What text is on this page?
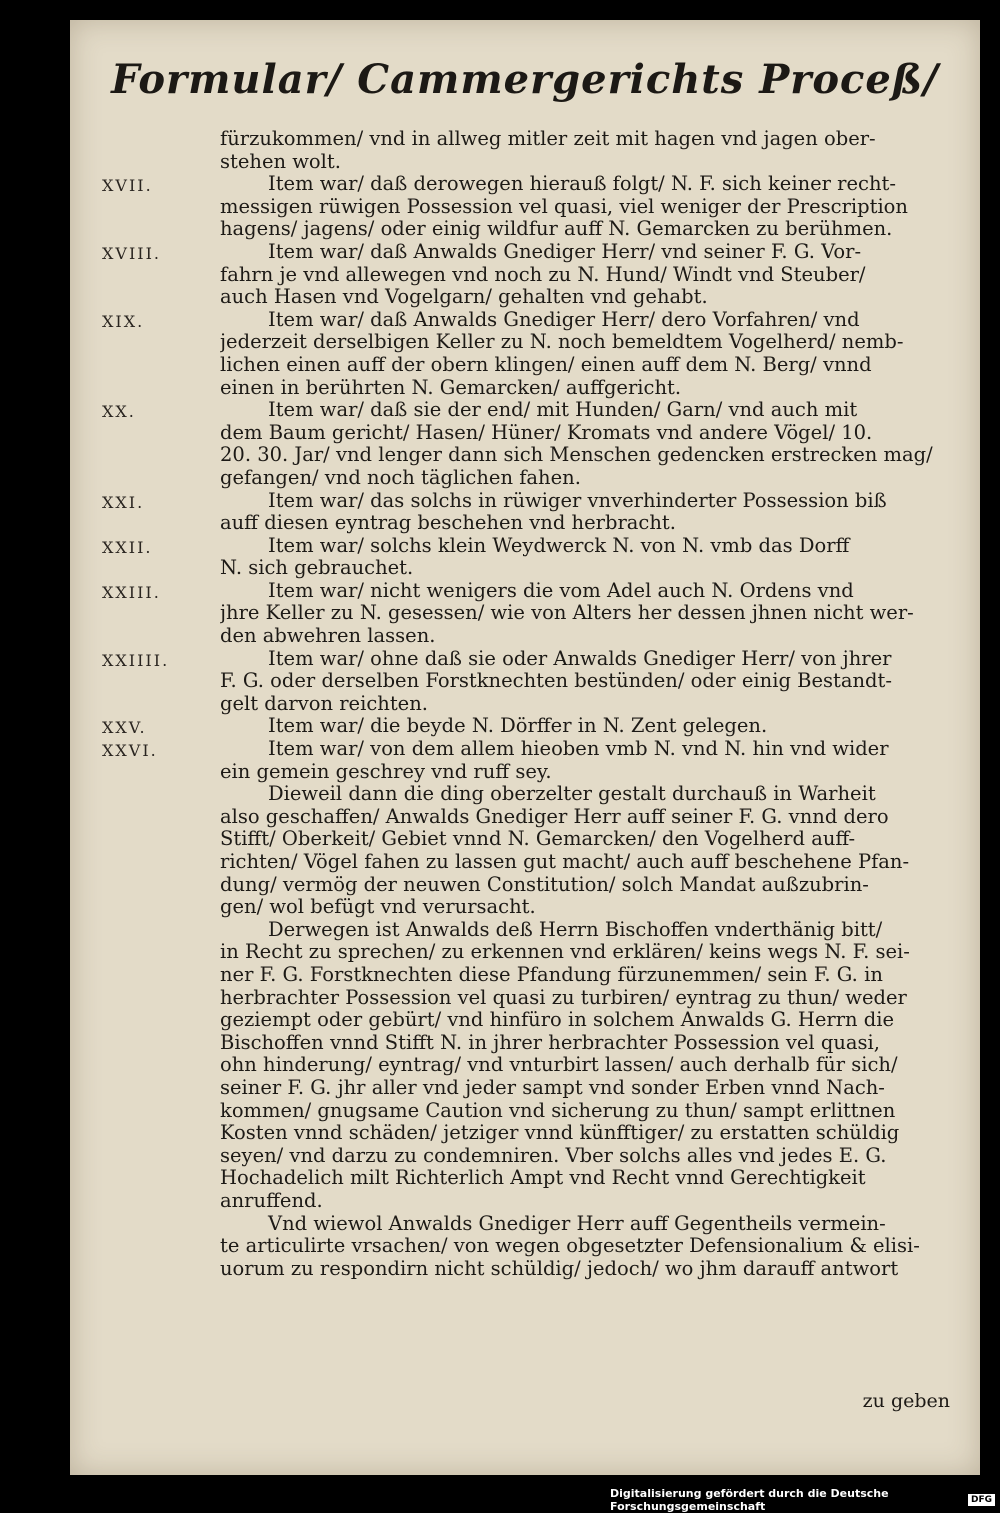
Formular/ Cammergerichts Proceß/
fürzukommen/ vnd in allweg mitler zeit mit hagen vnd jagen ober-
stehen wolt.
XVII.	Item war/ daß derowegen hierauß folgt/ N. F. sich keiner recht-
messigen rüwigen Possession vel quasi, viel weniger der Prescription
hagens/ jagens/ oder einig wildfur auff N. Gemarcken zu berühmen.
XVIII.	Item war/ daß Anwalds Gnediger Herr/ vnd seiner F. G. Vor-
fahrn je vnd allewegen vnd noch zu N. Hund/ Windt vnd Steuber/
auch Hasen vnd Vogelgarn/ gehalten vnd gehabt.
XIX.	Item war/ daß Anwalds Gnediger Herr/ dero Vorfahren/ vnd
jederzeit derselbigen Keller zu N. noch bemeldtem Vogelherd/ nemb-
lichen einen auff der obern klingen/ einen auff dem N. Berg/ vnnd
einen in berührten N. Gemarcken/ auffgericht.
XX.	Item war/ daß sie der end/ mit Hunden/ Garn/ vnd auch mit
dem Baum gericht/ Hasen/ Hüner/ Kromats vnd andere Vögel/ 10.
20. 30. Jar/ vnd lenger dann sich Menschen gedencken erstrecken mag/
gefangen/ vnd noch täglichen fahen.
XXI.	Item war/ das solchs in rüwiger vnverhinderter Possession biß
auff diesen eyntrag beschehen vnd herbracht.
XXII.	Item war/ solchs klein Weydwerck N. von N. vmb das Dorff
N. sich gebrauchet.
XXIII.	Item war/ nicht wenigers die vom Adel auch N. Ordens vnd
jhre Keller zu N. gesessen/ wie von Alters her dessen jhnen nicht wer-
den abwehren lassen.
XXIIII.	Item war/ ohne daß sie oder Anwalds Gnediger Herr/ von jhrer
F. G. oder derselben Forstknechten bestünden/ oder einig Bestandt-
gelt darvon reichten.
XXV.	Item war/ die beyde N. Dörffer in N. Zent gelegen.
XXVI.	Item war/ von dem allem hieoben vmb N. vnd N. hin vnd wider
ein gemein geschrey vnd ruff sey.
Dieweil dann die ding oberzelter gestalt durchauß in Warheit
also geschaffen/ Anwalds Gnediger Herr auff seiner F. G. vnnd dero
Stifft/ Oberkeit/ Gebiet vnnd N. Gemarcken/ den Vogelherd auff-
richten/ Vögel fahen zu lassen gut macht/ auch auff beschehene Pfan-
dung/ vermög der neuwen Constitution/ solch Mandat außzubrin-
gen/ wol befügt vnd verursacht.
Derwegen ist Anwalds deß Herrn Bischoffen vnderthänig bitt/
in Recht zu sprechen/ zu erkennen vnd erklären/ keins wegs N. F. sei-
ner F. G. Forstknechten diese Pfandung fürzunemmen/ sein F. G. in
herbrachter Possession vel quasi zu turbiren/ eyntrag zu thun/ weder
geziempt oder gebürt/ vnd hinfüro in solchem Anwalds G. Herrn die
Bischoffen vnnd Stifft N. in jhrer herbrachter Possession vel quasi,
ohn hinderung/ eyntrag/ vnd vnturbirt lassen/ auch derhalb für sich/
seiner F. G. jhr aller vnd jeder sampt vnd sonder Erben vnnd Nach-
kommen/ gnugsame Caution vnd sicherung zu thun/ sampt erlittnen
Kosten vnnd schäden/ jetziger vnnd künfftiger/ zu erstatten schüldig
seyen/ vnd darzu zu condemniren. Vber solchs alles vnd jedes E. G.
Hochadelich milt Richterlich Ampt vnd Recht vnnd Gerechtigkeit
anruffend.
Vnd wiewol Anwalds Gnediger Herr auff Gegentheils vermein-
te articulirte vrsachen/ von wegen obgesetzter Defensionalium & elisi-
uorum zu respondirn nicht schüldig/ jedoch/ wo jhm darauff antwort
zu geben
Digitalisierung gefördert durch die Deutsche Forschungsgemeinschaft	DFG
